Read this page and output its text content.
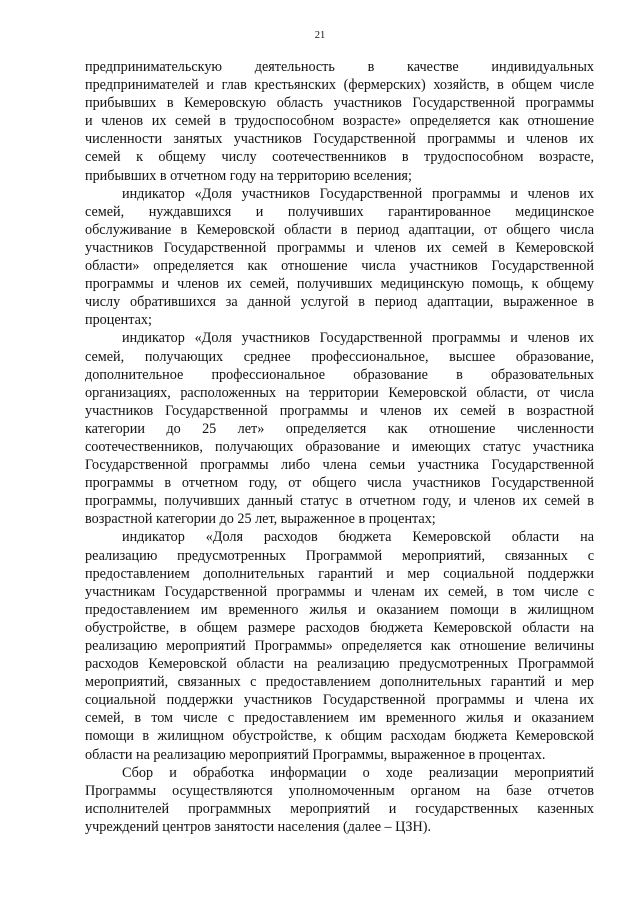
21

предпринимательскую деятельность в качестве индивидуальных
предпринимателей и глав крестьянских (фермерских) хозяйств, в общем числе
прибывших в Кемеровскую область участников Государственной программы
и членов их семей в трудоспособном возрасте» определяется как отношение
численности занятых участников Государственной программы и членов их
семей к общему числу соотечественников в трудоспособном возрасте,
прибывших в отчетном году на территорию вселения;

индикатор «Доля участников Государственной программы и членов их
семей, нуждавшихся и получивших гарантированное медицинское
обслуживание в Кемеровской области в период адаптации, от общего числа
участников Государственной программы и членов их семей в Кемеровской
области» определяется как отношение числа участников Государственной
программы и членов их семей, получивших медицинскую помощь, к общему
числу обратившихся за данной услугой в период адаптации, выраженное в
процентах;

индикатор «Доля участников Государственной программы и членов их
семей, получающих среднее профессиональное, высшее образование,
дополнительное профессиональное образование в образовательных
организациях, расположенных на территории Кемеровской области, от числа
участников Государственной программы и членов их семей в возрастной
категории до 25 лет» определяется как отношение численности
соотечественников, получающих образование и имеющих статус участника
Государственной программы либо члена семьи участника Государственной
программы в отчетном году, от общего числа участников Государственной
программы, получивших данный статус в отчетном году, и членов их семей в
возрастной категории до 25 лет, выраженное в процентах;

индикатор «Доля расходов бюджета Кемеровской области на
реализацию предусмотренных Программой мероприятий, связанных с
предоставлением дополнительных гарантий и мер социальной поддержки
участникам Государственной программы и членам их семей, в том числе с
предоставлением им временного жилья и оказанием помощи в жилищном
обустройстве, в общем размере расходов бюджета Кемеровской области на
реализацию мероприятий Программы» определяется как отношение величины
расходов Кемеровской области на реализацию предусмотренных Программой
мероприятий, связанных с предоставлением дополнительных гарантий и мер
социальной поддержки участников Государственной программы и члена их
семей, в том числе с предоставлением им временного жилья и оказанием
помощи в жилищном обустройстве, к общим расходам бюджета Кемеровской
области на реализацию мероприятий Программы, выраженное в процентах.

Сбор и обработка информации о ходе реализации мероприятий
Программы осуществляются уполномоченным органом на базе отчетов
исполнителей программных мероприятий и государственных казенных
учреждений центров занятости населения (далее – ЦЗН).
